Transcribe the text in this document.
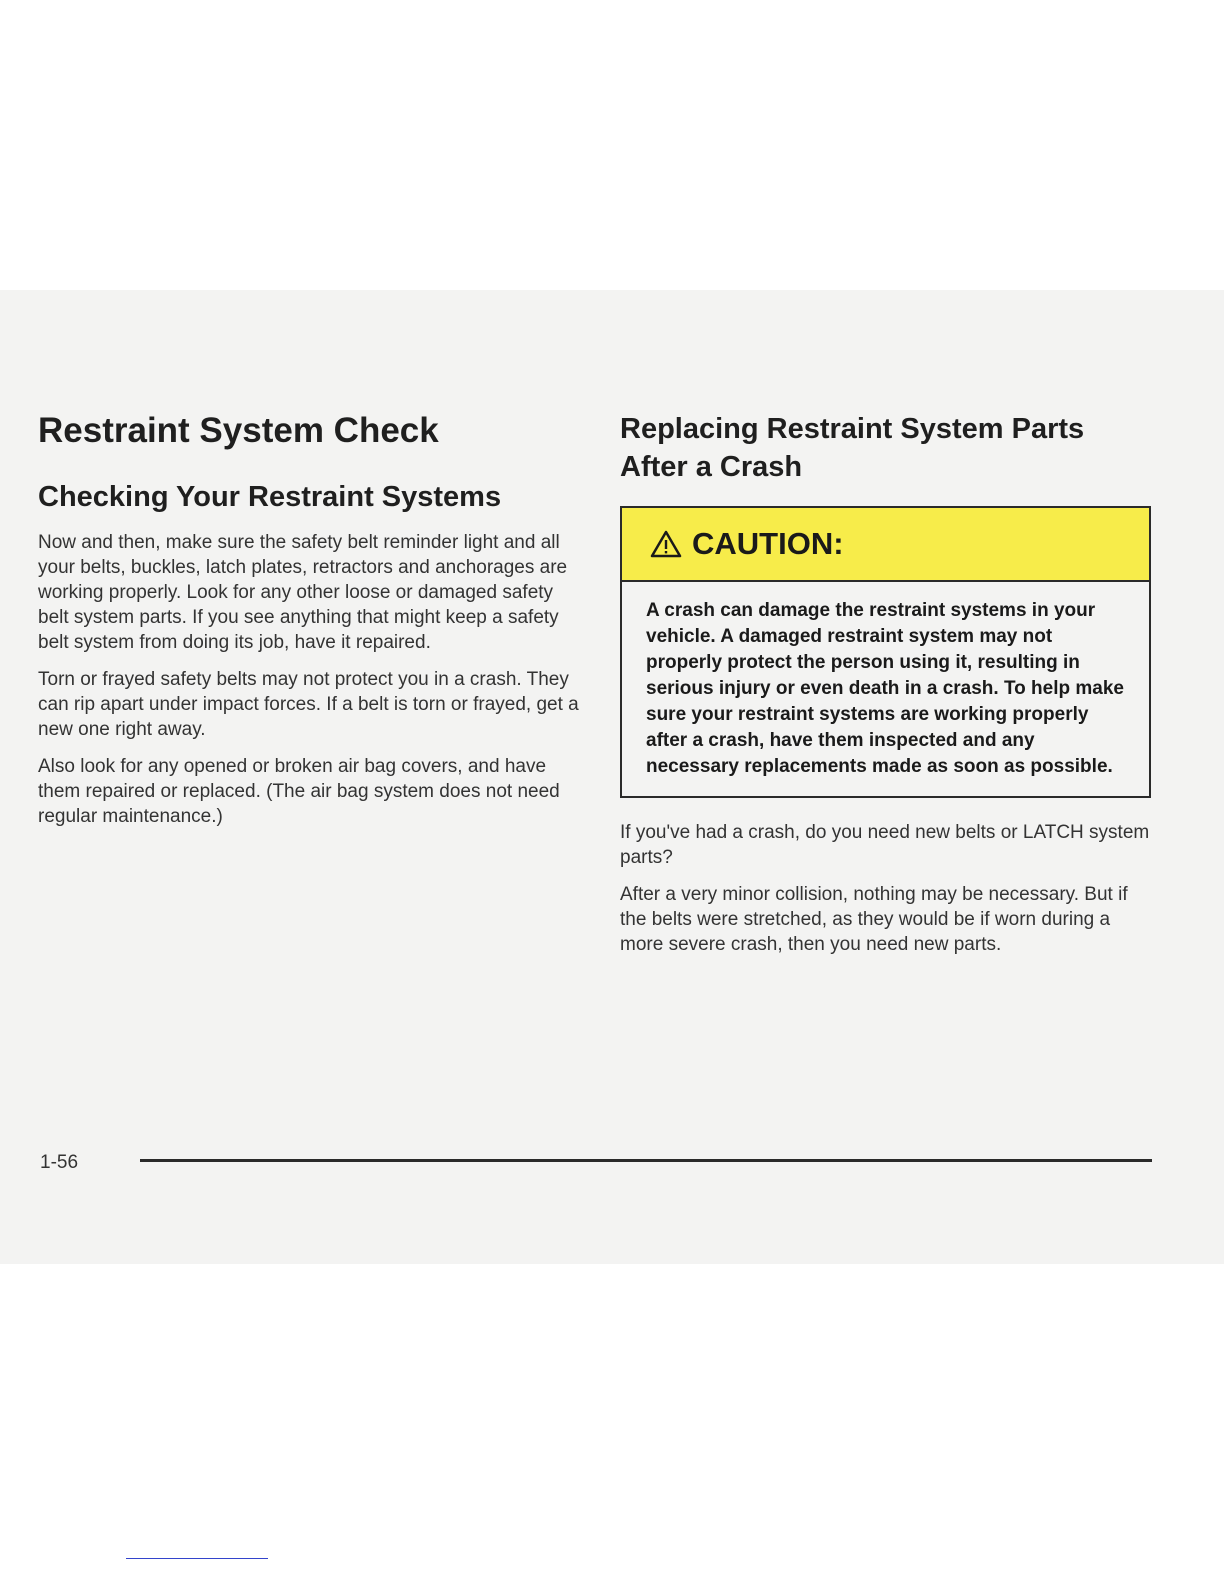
Restraint System Check
Checking Your Restraint Systems

Now and then, make sure the safety belt reminder light and all your belts, buckles, latch plates, retractors and anchorages are working properly. Look for any other loose or damaged safety belt system parts. If you see anything that might keep a safety belt system from doing its job, have it repaired.

Torn or frayed safety belts may not protect you in a crash. They can rip apart under impact forces. If a belt is torn or frayed, get a new one right away.

Also look for any opened or broken air bag covers, and have them repaired or replaced. (The air bag system does not need regular maintenance.)

Replacing Restraint System Parts After a Crash
CAUTION:
A crash can damage the restraint systems in your vehicle. A damaged restraint system may not properly protect the person using it, resulting in serious injury or even death in a crash. To help make sure your restraint systems are working properly after a crash, have them inspected and any necessary replacements made as soon as possible.

If you've had a crash, do you need new belts or LATCH system parts?

After a very minor collision, nothing may be necessary. But if the belts were stretched, as they would be if worn during a more severe crash, then you need new parts.

1-56
